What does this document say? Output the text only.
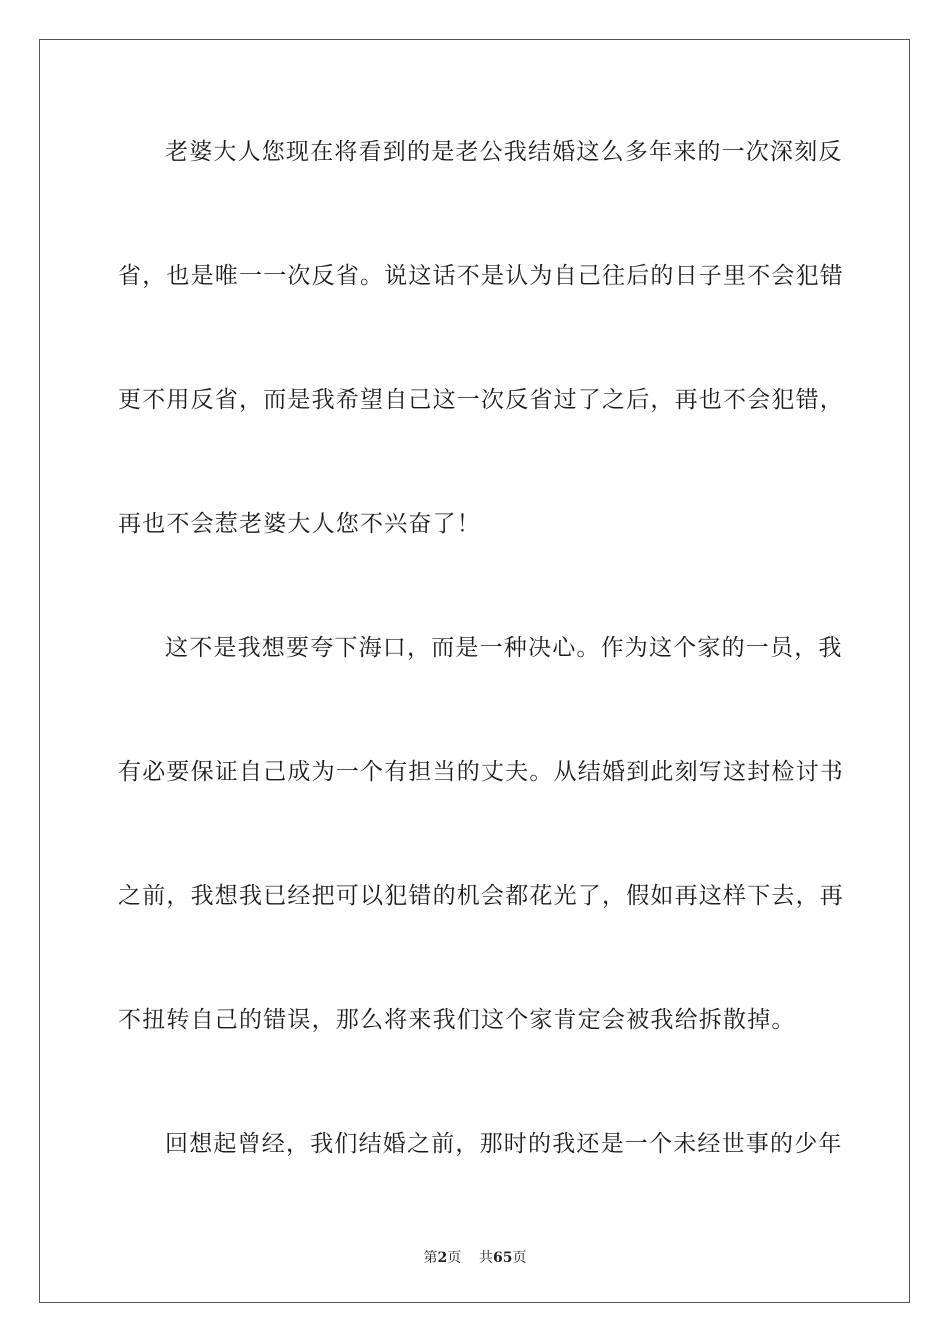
老婆大人您现在将看到的是老公我结婚这么多年来的一次深刻反
省，也是唯一一次反省。说这话不是认为自己往后的日子里不会犯错
更不用反省，而是我希望自己这一次反省过了之后，再也不会犯错，
再也不会惹老婆大人您不兴奋了！
这不是我想要夸下海口，而是一种决心。作为这个家的一员，我
有必要保证自己成为一个有担当的丈夫。从结婚到此刻写这封检讨书
之前，我想我已经把可以犯错的机会都花光了，假如再这样下去，再
不扭转自己的错误，那么将来我们这个家肯定会被我给拆散掉。
回想起曾经，我们结婚之前，那时的我还是一个未经世事的少年
第2页 共65页
